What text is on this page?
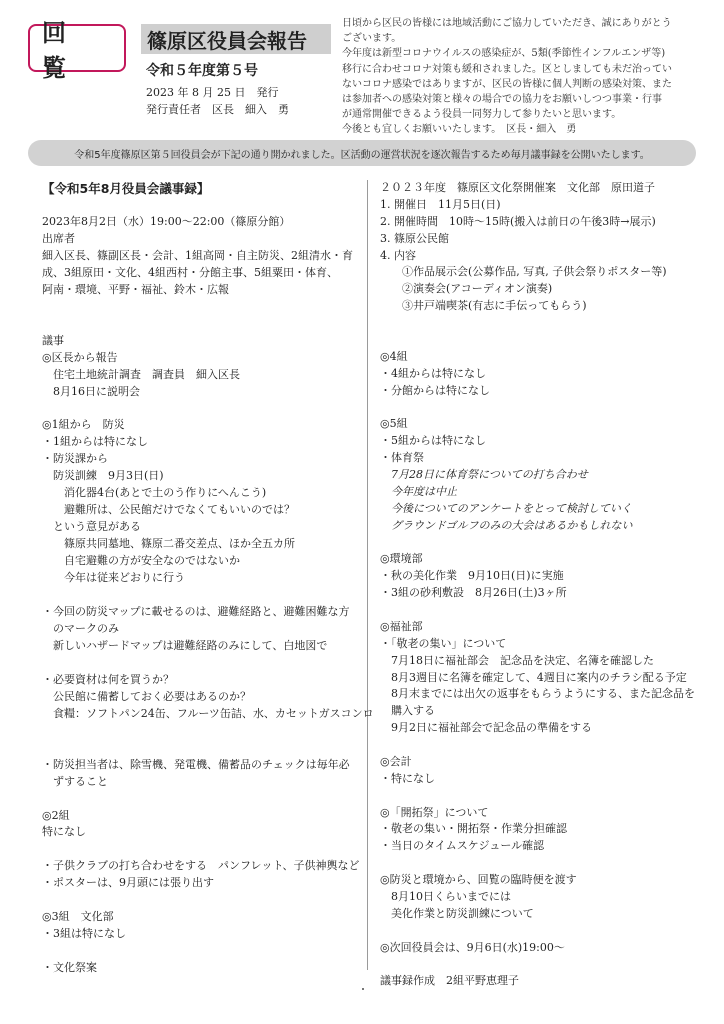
回 覧
篠原区役員会報告
令和５年度第５号
2023 年 8 月 25 日　発行
発行責任者　区長　細入　勇

日頃から区民の皆様には地域活動にご協力していただき、誠にありがとう

ございます。

今年度は新型コロナウイルスの感染症が、5類(季節性インフルエンザ等)

移行に合わせコロナ対策も緩和されました。区としましても未だ治ってい

ないコロナ感染ではありますが、区民の皆様に個人判断の感染対策、また

は参加者への感染対策と様々の場合での協力をお願いしつつ事業・行事

が通常開催できるよう役員一同努力して参りたいと思います。

今後とも宜しくお願いいたします。　区長・細入　勇

令和5年度篠原区第５回役員会が下記の通り開かれました。区活動の運営状況を逐次報告するため毎月議事録を公開いたします。
【令和5年8月役員会議事録】
2023年8月2日（水）19:00～22:00（篠原分館）
出席者
細入区長、篠副区長・会計、1組高岡・自主防災、2組清水・育
成、3組原田・文化、4組西村・分館主事、5組粟田・体育、
阿南・環境、平野・福祉、鈴木・広報
議事
◎区長から報告
　住宅土地統計調査　調査員　細入区長
　8月16日に説明会
◎1組から　防災
・1組からは特になし
・防災課から
　防災訓練　9月3日(日)
　　消化器4台(あとで土のう作りにへんこう)
　　避難所は、公民館だけでなくてもいいのでは？
　という意見がある
　　篠原共同墓地、篠原二番交差点、ほか全五カ所
　　自宅避難の方が安全なのではないか
　　今年は従来どおりに行う
・今回の防災マップに載せるのは、避難経路と、避難困難な方
　のマークのみ
　新しいハザードマップは避難経路のみにして、白地図で
・必要資材は何を買うか？
　公民館に備蓄しておく必要はあるのか？
　食糧：ソフトパン24缶、フルーツ缶詰、水、カセットガスコンロ
・防災担当者は、除雪機、発電機、備蓄品のチェックは毎年必
　ずすること
◎2組
特になし
・子供クラブの打ち合わせをする　パンフレット、子供神輿など
・ポスターは、9月頭には張り出す
◎3組　文化部
・3組は特になし
・文化祭案
２０２３年度　篠原区文化祭開催案　文化部　原田道子
1. 開催日　11月5日(日)
2. 開催時間　10時～15時(搬入は前日の午後3時→展示)
3. 篠原公民館
4. 内容
　　①作品展示会(公募作品, 写真, 子供会祭りポスター等)
　　②演奏会(アコーディオン演奏)
　　③井戸端喫茶(有志に手伝ってもらう)
◎4組
・4組からは特になし
・分館からは特になし
◎5組
・5組からは特になし
・体育祭
　7月28日に体育祭についての打ち合わせ
　今年度は中止
　今後についてのアンケートをとって検討していく
　グラウンドゴルフのみの大会はあるかもしれない
◎環境部
・秋の美化作業　9月10日(日)に実施
・3組の砂利敷設　8月26日(土)3ヶ所
◎福祉部
・「敬老の集い」について
　7月18日に福祉部会　記念品を決定、名簿を確認した
　8月3週目に名簿を確定して、4週目に案内のチラシ配る予定
　8月末までには出欠の返事をもらうようにする、また記念品を
　購入する
　9月2日に福祉部会で記念品の準備をする
◎会計
・特になし
◎「開拓祭」について
・敬老の集い・開拓祭・作業分担確認
・当日のタイムスケジュール確認
◎防災と環境から、回覧の臨時便を渡す
　8月10日くらいまでには
　美化作業と防災訓練について
◎次回役員会は、9月6日(水)19:00～
議事録作成　2組平野恵理子
